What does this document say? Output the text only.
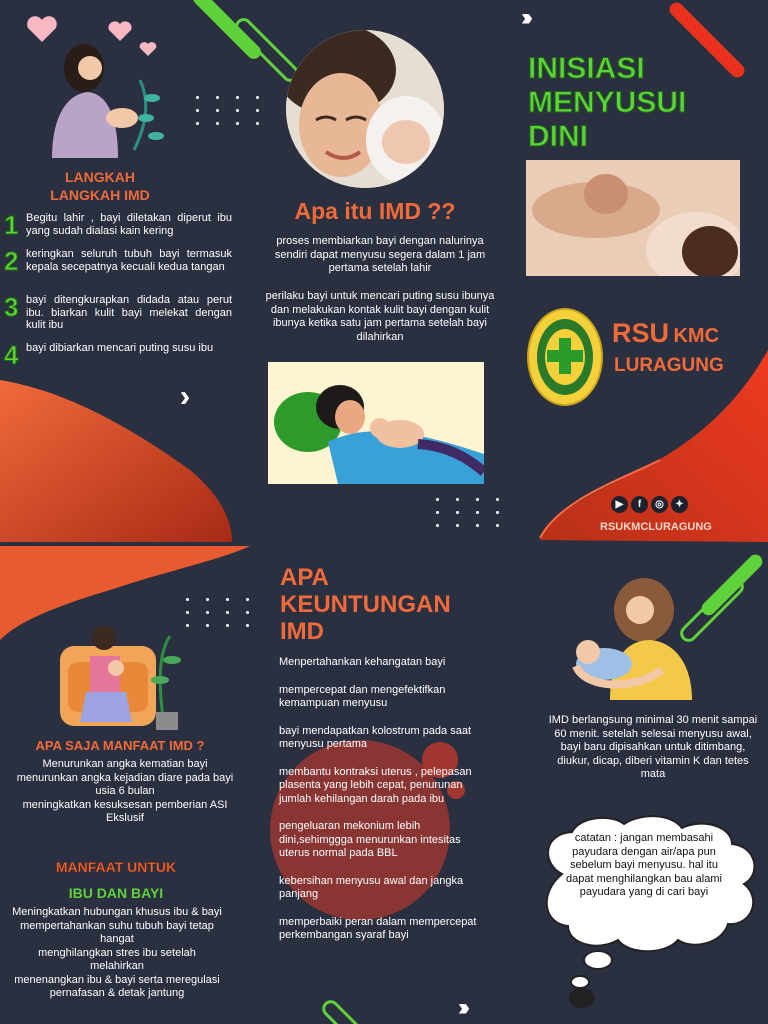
LANGKAH
LANGKAH IMD
1 Begitu lahir , bayi diletakan diperut ibu yang sudah dialasi kain kering
2 keringkan seluruh tubuh bayi termasuk kepala secepatnya kecuali kedua tangan
3 bayi ditengkurapkan didada atau perut ibu. biarkan kulit bayi melekat dengan kulit ibu
4 bayi dibiarkan mencari puting susu ibu
Apa itu IMD ??
proses membiarkan bayi dengan nalurinya sendiri dapat menyusu segera dalam 1 jam pertama setelah lahir
perilaku bayi untuk mencari puting susu ibunya dan melakukan kontak kulit bayi dengan kulit ibunya ketika satu jam pertama setelah bayi dilahirkan
INISIASI
MENYUSUI
DINI
RSU KMC
LURAGUNG
▶	f	◎	✦
RSUKMCLURAGUNG
APA SAJA MANFAAT IMD ?
Menurunkan angka kematian bayi
menurunkan angka kejadian diare pada bayi usia 6 bulan
meningkatkan kesuksesan pemberian ASI Ekslusif
MANFAAT UNTUK
IBU DAN BAYI
Meningkatkan hubungan khusus ibu & bayi
mempertahankan suhu tubuh bayi tetap hangat
menghilangkan stres ibu setelah melahirkan
menenangkan ibu & bayi serta meregulasi pernafasan & detak jantung
APA
KEUNTUNGAN
IMD
Menpertahankan kehangatan bayi
mempercepat dan mengefektifkan kemampuan menyusu
bayi mendapatkan kolostrum pada saat menyusu pertama
membantu kontraksi uterus , pelepasan plasenta yang lebih cepat, penurunan jumlah kehilangan darah pada ibu
pengeluaran mekonium lebih dini,sehimggga menurunkan intesitas uterus normal pada BBL
kebersihan menyusu awal dan jangka panjang
memperbaiki peran dalam mempercepat perkembangan syaraf bayi
IMD berlangsung minimal 30 menit sampai 60 menit. setelah selesai menyusu awal, bayi baru dipisahkan untuk ditimbang, diukur, dicap, diberi vitamin K dan tetes mata
catatan : jangan membasahi payudara dengan air/apa pun sebelum bayi menyusu. hal itu dapat menghilangkan bau alami payudara yang di cari bayi
